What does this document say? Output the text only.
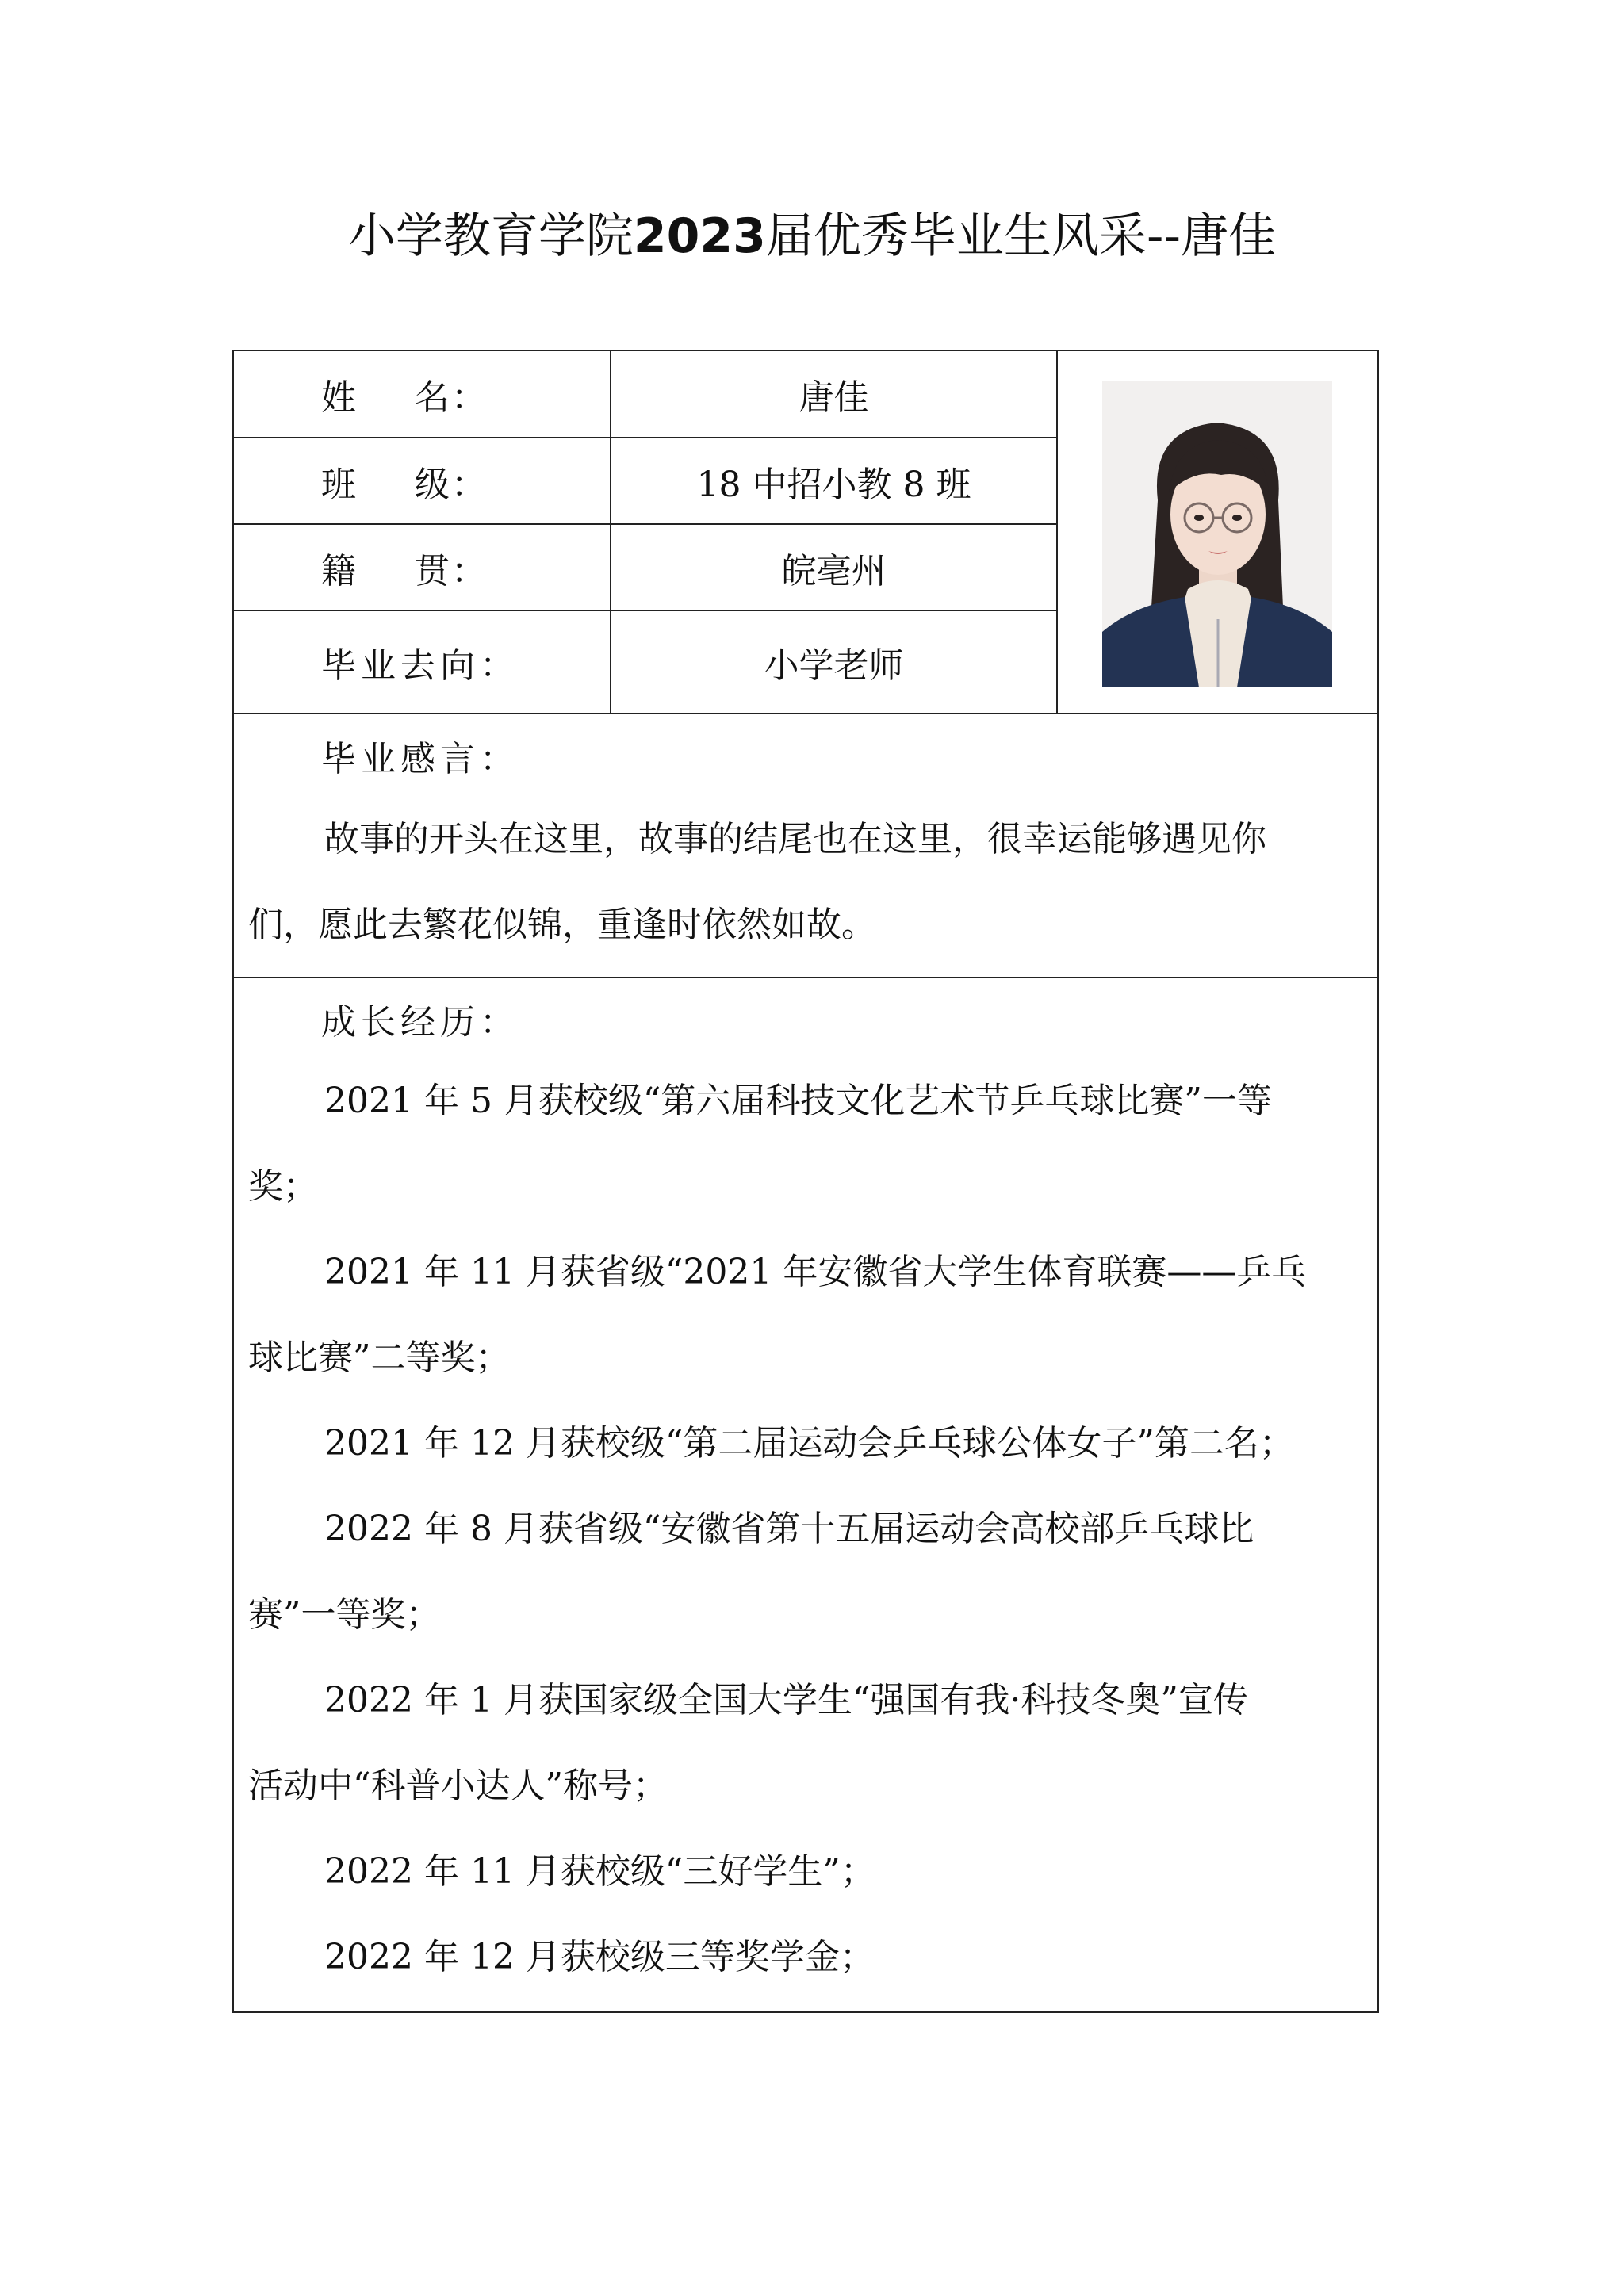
小学教育学院2023届优秀毕业生风采--唐佳
姓 名：	唐佳
班 级：	18 中招小教 8 班
籍 贯：	皖亳州
毕业去向：	小学老师
毕业感言：
故事的开头在这里，故事的结尾也在这里，很幸运能够遇见你
们，愿此去繁花似锦，重逢时依然如故。
成长经历：
2021 年 5 月获校级“第六届科技文化艺术节乒乓球比赛”一等
奖；
2021 年 11 月获省级“2021 年安徽省大学生体育联赛——乒乓
球比赛”二等奖；
2021 年 12 月获校级“第二届运动会乒乓球公体女子”第二名；
2022 年 8 月获省级“安徽省第十五届运动会高校部乒乓球比
赛”一等奖；
2022 年 1 月获国家级全国大学生“强国有我·科技冬奥”宣传
活动中“科普小达人”称号；
2022 年 11 月获校级“三好学生”；
2022 年 12 月获校级三等奖学金；
